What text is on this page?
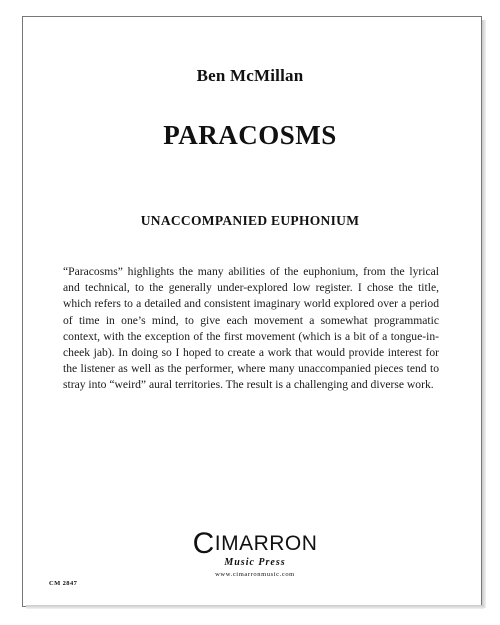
Ben McMillan
PARACOSMS
UNACCOMPANIED EUPHONIUM

“Paracosms” highlights the many abilities of the euphonium, from the lyrical and technical, to the generally under-explored low register. I chose the title, which refers to a detailed and consistent imaginary world explored over a period of time in one’s mind, to give each movement a somewhat programmatic context, with the exception of the first movement (which is a bit of a tongue-in-cheek jab). In doing so I hoped to create a work that would provide interest for the listener as well as the performer, where many unaccompanied pieces tend to stray into “weird” aural territories. The result is a challenging and diverse work.

CIMARRON
Music Press
www.cimarronmusic.com
CM 2847
